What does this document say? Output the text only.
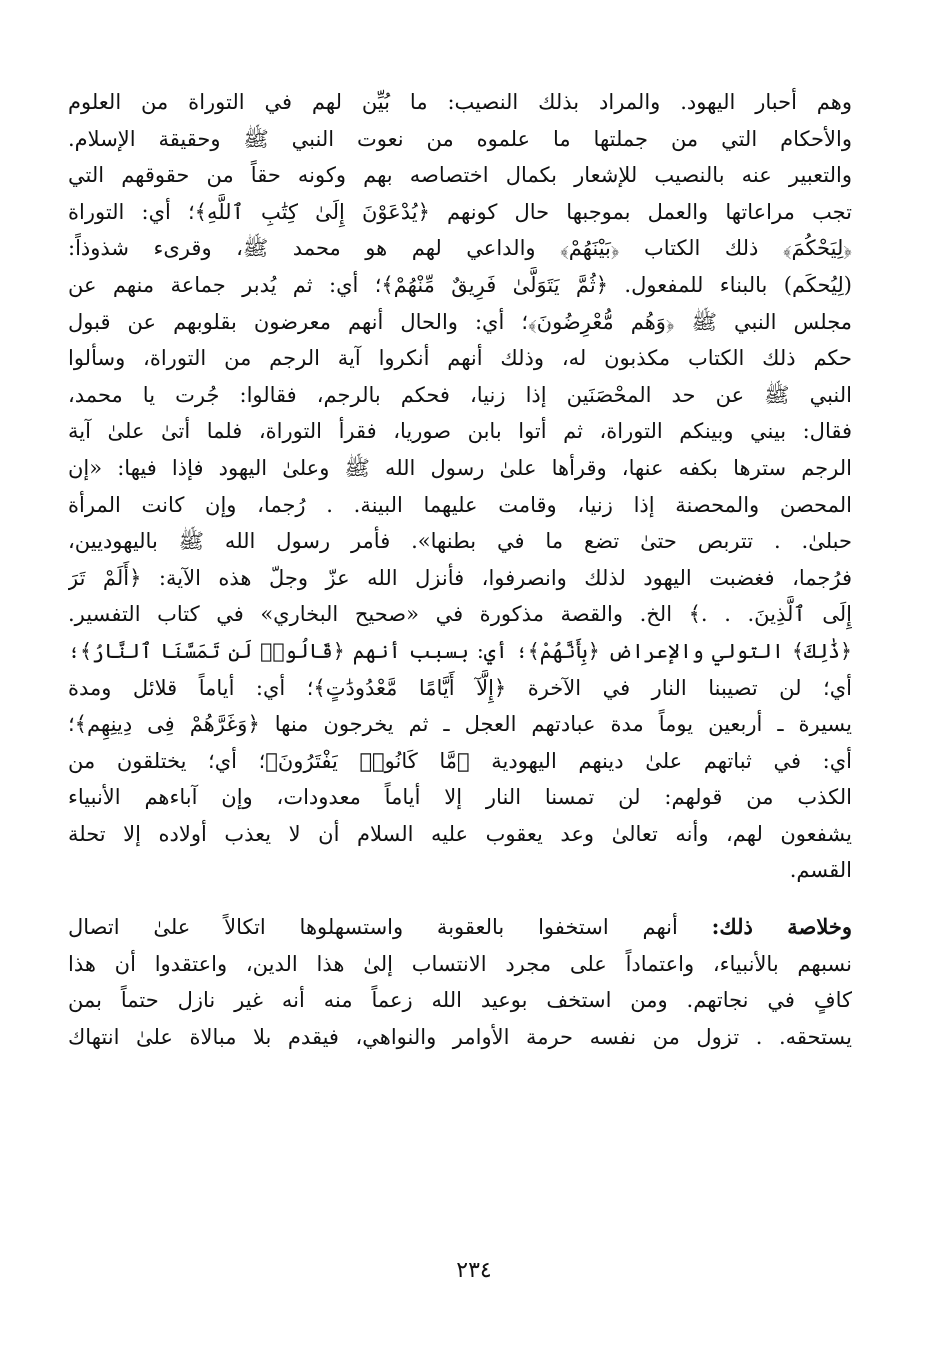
وهم أحبار اليهود. والمراد بذلك النصيب: ما بُيِّن لهم في التوراة من العلوم
والأحكام التي من جملتها ما علموه من نعوت النبي ﷺ وحقيقة الإسلام.
والتعبير عنه بالنصيب للإشعار بكمال اختصاصه بهم وكونه حقاً من حقوقهم التي
تجب مراعاتها والعمل بموجبها حال كونهم ﴿يُدْعَوْنَ إِلَىٰ كِتَٰبِ ٱللَّهِ﴾؛ أي: التوراة
﴿لِيَحْكُمَ﴾ ذلك الكتاب ﴿بَيْنَهُمْ﴾ والداعي لهم هو محمد ﷺ، وقرىء شذوذاً:
(لِيُحكَم) بالبناء للمفعول. ﴿ثُمَّ يَتَوَلَّىٰ فَرِيقٌ مِّنْهُمْ﴾؛ أي: ثم يُدبر جماعة منهم عن
مجلس النبي ﷺ ﴿وَهُم مُّعْرِضُونَ﴾؛ أي: والحال أنهم معرضون بقلوبهم عن قبول
حكم ذلك الكتاب مكذبون له، وذلك أنهم أنكروا آية الرجم من التوراة، وسألوا
النبي ﷺ عن حد المحْصَنَين إذا زنيا، فحكم بالرجم، فقالوا: جُرت يا محمد،
فقال: بيني وبينكم التوراة، ثم أتوا بابن صوريا، فقرأ التوراة، فلما أتىٰ علىٰ آية
الرجم سترها بكفه عنها، وقرأها علىٰ رسول الله ﷺ وعلىٰ اليهود فإذا فيها: «إن
المحصن والمحصنة إذا زنيا، وقامت عليهما البينة. . رُجما، وإن كانت المرأة
حبلىٰ. . تتربص حتىٰ تضع ما في بطنها». فأمر رسول الله ﷺ باليهوديين،
فرُجما، فغضبت اليهود لذلك وانصرفوا، فأنزل الله عزّ وجلّ هذه الآية: ﴿أَلَمْ تَرَ
إِلَى ٱلَّذِينَ. . .﴾ الخ. والقصة مذكورة في «صحيح البخاري» في كتاب التفسير.
﴿ذَٰلِكَ﴾ التولي والإعراض ﴿بِأَنَّهُمْ﴾؛ أي: بسبب أنهم ﴿قَالُوا۟ لَن تَمَسَّنَا ٱلنَّارُ﴾؛
أي؛ لن تصيبنا النار في الآخرة ﴿إِلَّآ أَيَّامًا مَّعْدُودَٰتٍ﴾؛ أي: أياماً قلائل ومدة
يسيرة ـ أربعين يوماً مدة عبادتهم العجل ـ ثم يخرجون منها ﴿وَغَرَّهُمْ فِى دِينِهِم﴾؛
أي: في ثباتهم علىٰ دينهم اليهودية ﴿مَّا كَانُوا۟ يَفْتَرُونَ﴾؛ أي؛ يختلقون من
الكذب من قولهم: لن تمسنا النار إلا أياماً معدودات، وإن آباءهم الأنبياء
يشفعون لهم، وأنه تعالىٰ وعد يعقوب عليه السلام أن لا يعذب أولاده إلا تحلة
القسم.
وخلاصة ذلك: أنهم استخفوا بالعقوبة واستسهلوها اتكالاً علىٰ اتصال
نسبهم بالأنبياء، واعتماداً على مجرد الانتساب إلىٰ هذا الدين، واعتقدوا أن هذا
كافٍ في نجاتهم. ومن استخف بوعيد الله زعماً منه أنه غير نازل حتماً بمن
يستحقه. . تزول من نفسه حرمة الأوامر والنواهي، فيقدم بلا مبالاة علىٰ انتهاك
٢٣٤
